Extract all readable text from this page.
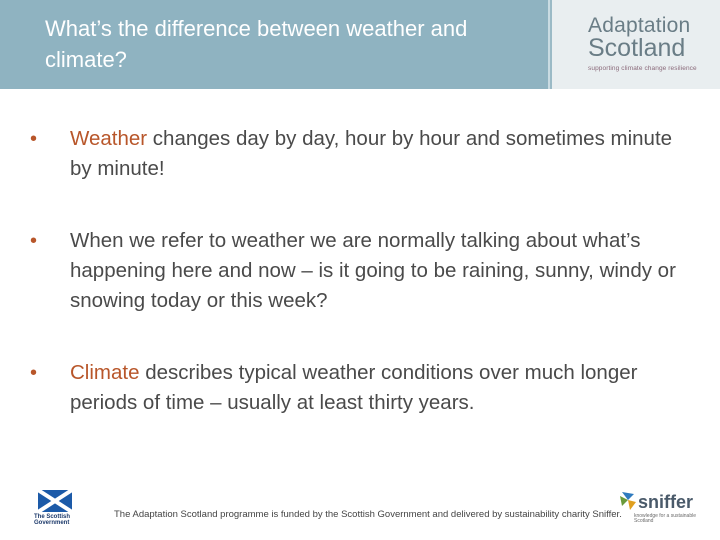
What’s the difference between weather and climate?
Adaptation
Scotland
supporting climate change resilience
• Weather changes day by day, hour by hour and sometimes minute by minute!
• When we refer to weather we are normally talking about what’s happening here and now – is it going to be raining, sunny, windy or snowing today or this week?
• Climate describes typical weather conditions over much longer periods of time – usually at least thirty years.
The Scottish
Government
The Adaptation Scotland programme is funded by the Scottish Government and delivered by sustainability charity Sniffer.
sniffer
knowledge for a sustainable Scotland
